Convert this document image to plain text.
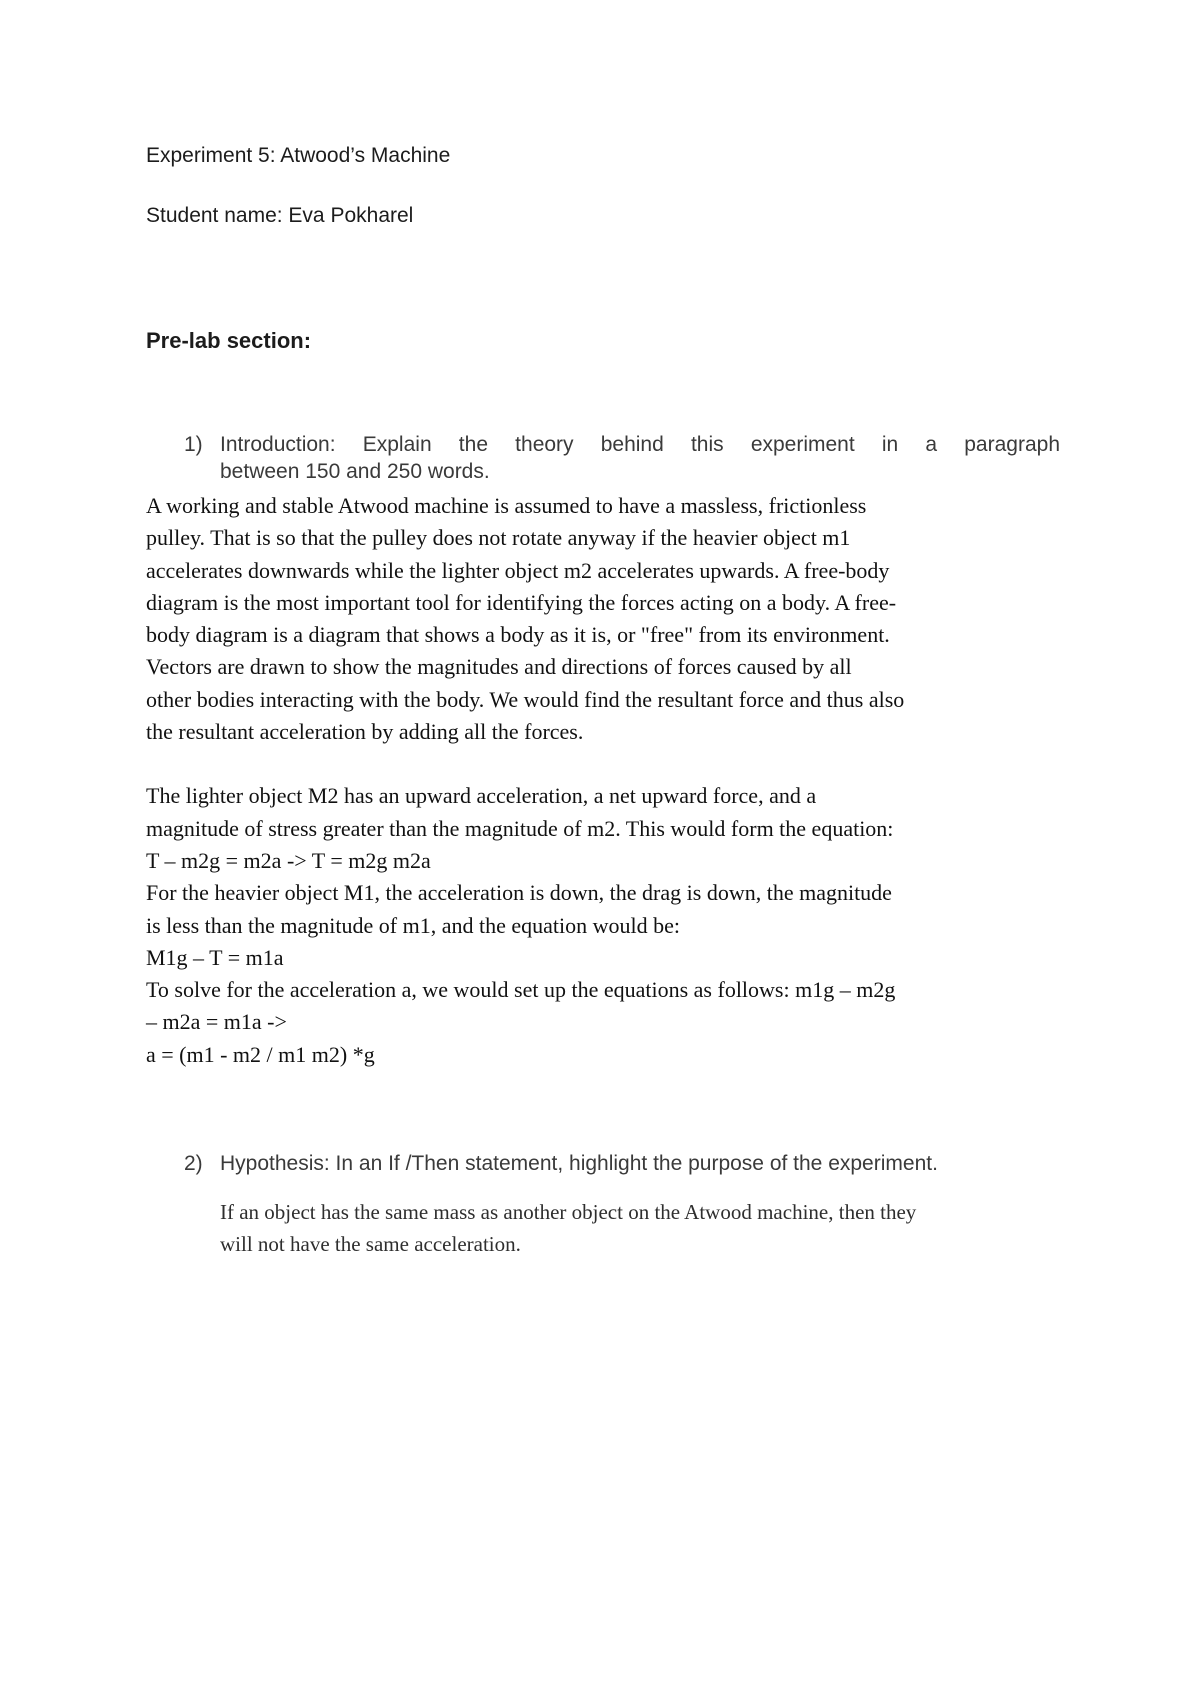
Experiment 5: Atwood’s Machine

Student name: Eva Pokharel

Pre-lab section:

1) Introduction: Explain the theory behind this experiment in a paragraph
between 150 and 250 words.

A working and stable Atwood machine is assumed to have a massless, frictionless

pulley. That is so that the pulley does not rotate anyway if the heavier object m1

accelerates downwards while the lighter object m2 accelerates upwards. A free-body

diagram is the most important tool for identifying the forces acting on a body. A free-

body diagram is a diagram that shows a body as it is, or "free" from its environment.

Vectors are drawn to show the magnitudes and directions of forces caused by all

other bodies interacting with the body. We would find the resultant force and thus also

the resultant acceleration by adding all the forces.

The lighter object M2 has an upward acceleration, a net upward force, and a

magnitude of stress greater than the magnitude of m2. This would form the equation:

T – m2g = m2a -> T = m2g m2a

For the heavier object M1, the acceleration is down, the drag is down, the magnitude

is less than the magnitude of m1, and the equation would be:

M1g – T = m1a

To solve for the acceleration a, we would set up the equations as follows: m1g – m2g

– m2a = m1a ->

a = (m1 - m2 / m1 m2) *g

2) Hypothesis: In an If /Then statement, highlight the purpose of the experiment.

If an object has the same mass as another object on the Atwood machine, then they

will not have the same acceleration.
